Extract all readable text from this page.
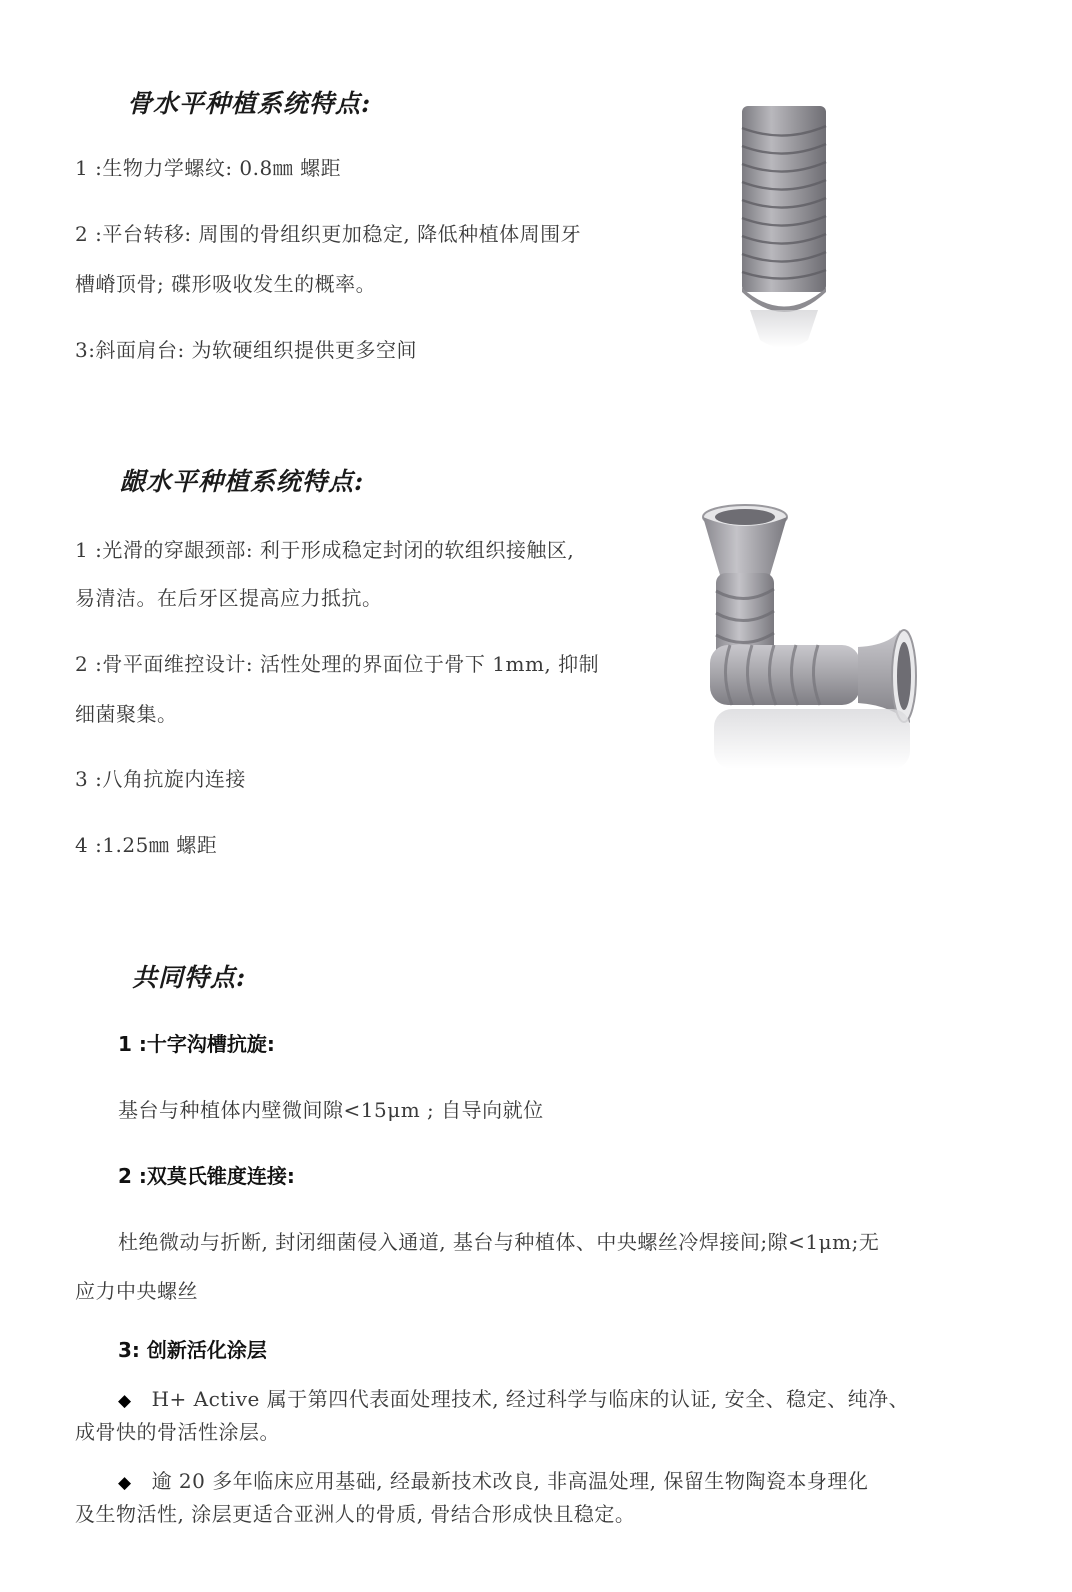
骨水平种植系统特点:
1 :生物力学螺纹: 0.8㎜ 螺距
2 :平台转移: 周围的骨组织更加稳定, 降低种植体周围牙
槽嵴顶骨; 碟形吸收发生的概率。
3:斜面肩台: 为软硬组织提供更多空间
龈水平种植系统特点:
1 :光滑的穿龈颈部: 利于形成稳定封闭的软组织接触区,
易清洁。在后牙区提高应力抵抗。
2 :骨平面维控设计: 活性处理的界面位于骨下 1mm, 抑制
细菌聚集。
3 :八角抗旋内连接
4 :1.25㎜ 螺距
共同特点:
1 :十字沟槽抗旋:
基台与种植体内壁微间隙<15μm ; 自导向就位
2 :双莫氏锥度连接:
杜绝微动与折断, 封闭细菌侵入通道, 基台与种植体、中央螺丝冷焊接间;隙<1μm;无
应力中央螺丝
3: 创新活化涂层
◆ H+ Active 属于第四代表面处理技术, 经过科学与临床的认证, 安全、稳定、纯净、
成骨快的骨活性涂层。
◆ 逾 20 多年临床应用基础, 经最新技术改良, 非高温处理, 保留生物陶瓷本身理化
及生物活性, 涂层更适合亚洲人的骨质, 骨结合形成快且稳定。
